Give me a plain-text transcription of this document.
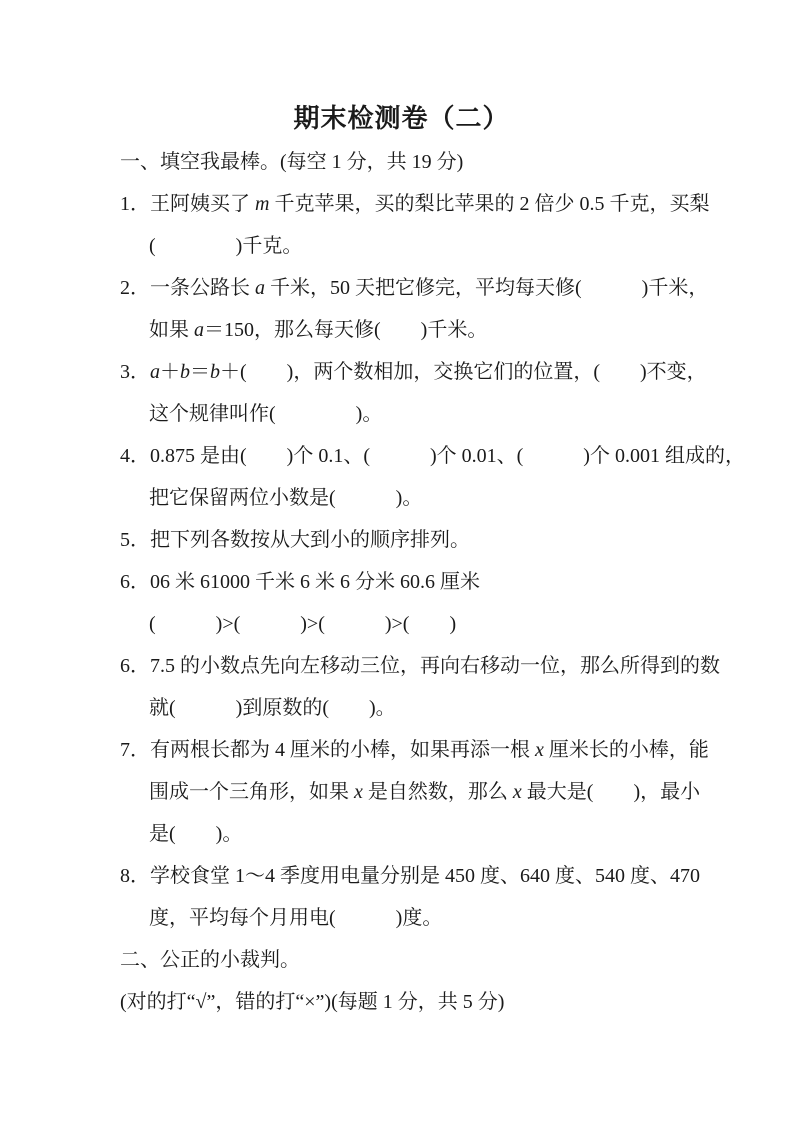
期末检测卷（二）
一、填空我最棒。(每空 1 分，共 19 分)
1．王阿姨买了 m 千克苹果，买的梨比苹果的 2 倍少 0.5 千克，买梨
(　　　　)千克。
2．一条公路长 a 千米，50 天把它修完，平均每天修(　　　)千米，
如果 a＝150，那么每天修(　　)千米。
3．a＋b＝b＋(　　)，两个数相加，交换它们的位置，(　　)不变，
这个规律叫作(　　　　)。
4．0.875 是由(　　)个 0.1、(　　　)个 0.01、(　　　)个 0.001 组成的，
把它保留两位小数是(　　　)。
5．把下列各数按从大到小的顺序排列。
6．06 米 61000 千米 6 米 6 分米 60.6 厘米
(　　　)>(　　　)>(　　　)>(　　)
6．7.5 的小数点先向左移动三位，再向右移动一位，那么所得到的数
就(　　　)到原数的(　　)。
7．有两根长都为 4 厘米的小棒，如果再添一根 x 厘米长的小棒，能
围成一个三角形，如果 x 是自然数，那么 x 最大是(　　)，最小
是(　　)。
8．学校食堂 1～4 季度用电量分别是 450 度、640 度、540 度、470
度，平均每个月用电(　　　)度。
二、公正的小裁判。
(对的打“√”，错的打“×”)(每题 1 分，共 5 分)
